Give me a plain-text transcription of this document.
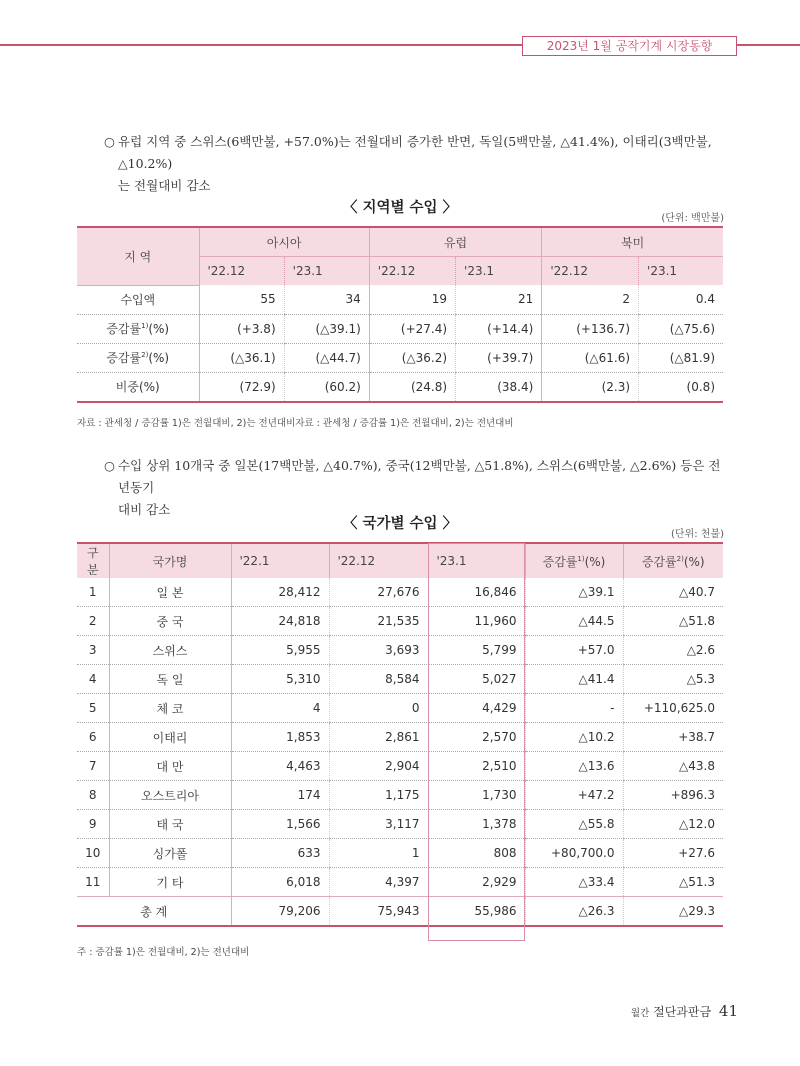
2023년 1월 공작기계 시장동향
○ 유럽 지역 중 스위스(6백만불, +57.0%)는 전월대비 증가한 반면, 독일(5백만불, △41.4%), 이태리(3백만불, △10.2%)
는 전월대비 감소
〈 지역별 수입 〉
(단위: 백만불)
지 역	아시아		유럽		북미	
	'22.12	'23.1	'22.12	'23.1	'22.12	'23.1
수입액	55	34	19	21	2	0.4
증감률$^{1)}$(%)	(+3.8)	(△39.1)	(+27.4)	(+14.4)	(+136.7)	(△75.6)
증감률$^{2)}$(%)	(△36.1)	(△44.7)	(△36.2)	(+39.7)	(△61.6)	(△81.9)
비중(%)	(72.9)	(60.2)	(24.8)	(38.4)	(2.3)	(0.8)
자료 : 관세청 / 증감률 1)은 전월대비, 2)는 전년대비자료 : 관세청 / 증감률 1)은 전월대비, 2)는 전년대비
○ 수입 상위 10개국 중 일본(17백만불, △40.7%), 중국(12백만불, △51.8%), 스위스(6백만불, △2.6%) 등은 전년동기
대비 감소
〈 국가별 수입 〉
(단위: 천불)
구분	국가명	'22.1	'22.12	'23.1	증감률$^{1)}$(%)	증감률$^{2)}$(%)
1	일 본	28,412	27,676	16,846	△39.1	△40.7
2	중 국	24,818	21,535	11,960	△44.5	△51.8
3	스위스	5,955	3,693	5,799	+57.0	△2.6
4	독 일	5,310	8,584	5,027	△41.4	△5.3
5	체 코	4	0	4,429	-	+110,625.0
6	이태리	1,853	2,861	2,570	△10.2	+38.7
7	대 만	4,463	2,904	2,510	△13.6	△43.8
8	오스트리아	174	1,175	1,730	+47.2	+896.3
9	태 국	1,566	3,117	1,378	△55.8	△12.0
10	싱가폴	633	1	808	+80,700.0	+27.6
11	기 타	6,018	4,397	2,929	△33.4	△51.3
총 계		79,206	75,943	55,986	△26.3	△29.3
주 : 증감률 1)은 전월대비, 2)는 전년대비
월간 절단과판금 41
